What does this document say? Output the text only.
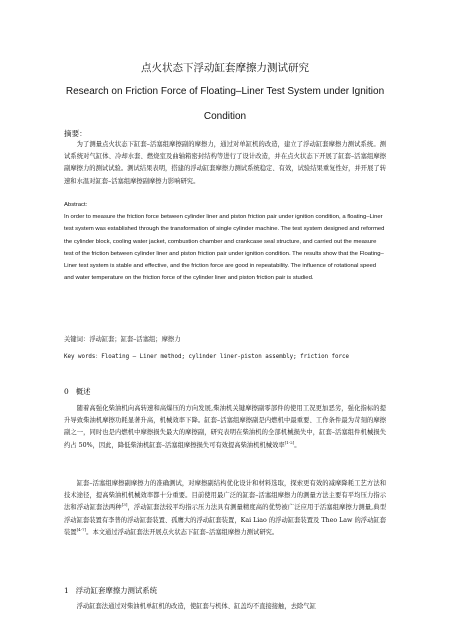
点火状态下浮动缸套摩擦力测试研究
Research on Friction Force of Floating–Liner Test System under Ignition
Condition
摘要：

为了测量点火状态下缸套–活塞组摩擦副的摩擦力，通过对单缸机的改造，建立了浮动缸套摩擦力测试系统。测试系统对气缸体、冷却水套、燃烧室及曲轴箱密封结构等进行了设计改造，并在点火状态下开展了缸套–活塞组摩擦副摩擦力的测试试验。测试结果表明，搭建的浮动缸套摩擦力测试系统稳定、有效，试验结果重复性好，并开展了转速和水温对缸套–活塞组摩擦副摩擦力影响研究。

Abstract:

In order to measure the friction force between cylinder liner and piston friction pair under ignition condition, a floating–Liner test system was established through the transformation of single cylinder machine. The test system designed and reformed the cylinder block, cooling water jacket, combustion chamber and crankcase seal structure, and carried out the measure test of the friction between cylinder liner and piston friction pair under ignition condition. The results show that the Floating–Liner test system is stable and effective, and the friction force are good in repeatability. The influence of rotational speed and water temperature on the friction force of the cylinder liner and piston friction pair is studied.

关键词：浮动缸套；缸套–活塞组；摩擦力
Key words：Floating – Liner method; cylinder liner-piston assembly; friction force
0 概述

随着高强化柴油机向高转速和高爆压的方向发展,柴油机关键摩擦副零部件的使用工况更加恶劣，强化指标的提升导致柴油机摩擦功耗显著升高，机械效率下降。缸套–活塞组摩擦副是内燃机中最重要、工作条件最为苛刻的摩擦副之一，同时也是内燃机中摩擦损失最大的摩擦副，研究表明在柴油机的全部机械损失中，缸套–活塞组件机械损失约占 50%，因此，降低柴油机缸套–活塞组摩擦损失可有效提高柴油机机械效率[1-2]。

缸套–活塞组摩擦副摩擦力的准确测试，对摩擦副结构优化设计和材料选取，探索更有效的减摩降耗工艺方法和技术途径，提高柴油机机械效率都十分重要。目前使用最广泛的缸套–活塞组摩擦力的测量方法主要有平均压力指示法和浮动缸套法两种[3]，浮动缸套法较平均指示压力法具有测量精度高的优势被广泛应用于活塞组摩擦力测量,典型浮动缸套装置有李普的浮动缸套装置、孤鹰大的浮动缸套装置，Kai Liao 的浮动缸套装置及 Theo Law 的浮动缸套装置[4-7]。本文通过浮动缸套法开展点火状态下缸套–活塞组摩擦力测试研究。

1 浮动缸套摩擦力测试系统

浮动缸套法通过对柴油机单缸机的改造，使缸套与机体、缸盖均不直接接触，去除气缸
